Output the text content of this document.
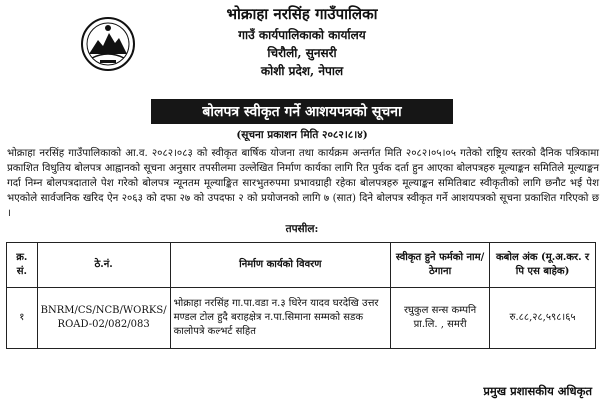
भोक्राहा नरसिंह गाउँपालिका
गाउँ कार्यपालिकाको कार्यालय
चिरौली, सुनसरी
कोशी प्रदेश, नेपाल
बोलपत्र स्वीकृत गर्ने आशयपत्रको सूचना
(सूचना प्रकाशन मिति २०८२।८।४)
भोक्राहा नरसिंह गाउँपालिकाको आ.व. २०८२।०८३ को स्वीकृत बार्षिक योजना तथा कार्यक्रम अन्तर्गत मिति २०८२।०५।०५ गतेको राष्ट्रिय स्तरको दैनिक पत्रिकामा प्रकाशित विधुतिय बोलपत्र आह्वानको सूचना अनुसार तपसीलमा उल्लेखित निर्माण कार्यका लागि रित पुर्वक दर्ता हुन आएका बोलपत्रहरु मूल्याङ्कन समितिले मूल्याङ्कन गर्दा निम्न बोलपत्रदाताले पेश गरेको बोलपत्र न्यूनतम मूल्याङ्कित सारभुतरुपमा प्रभावग्राही रहेका बोलपत्रहरु मूल्याङ्कन समितिबाट स्वीकृतीको लागि छनौट भई पेश भएकोले सार्वजनिक खरिद ऐन २०६३ को दफा २७ को उपदफा २ को प्रयोजनको लागि ७ (सात) दिने बोलपत्र स्वीकृत गर्ने आशयपत्रको सूचना प्रकाशित गरिएको छ ।
तपसील:
क्र. सं.	ठे.नं.	निर्माण कार्यको विवरण	स्वीकृत हुने फर्मको नाम/ठेगाना	कबोल अंक (मू.अ.कर. र पि एस बाहेक)
१	BNRM/CS/NCB/WORKS/ ROAD-02/082/083	भोक्राहा नरसिंह गा.पा.वडा न.३ धिरेन यादव घरदेखि उत्तर मण्डल टोल हुदै बराहक्षेत्र न.पा.सिमाना सम्मको सडक कालोपत्रे कल्भर्ट सहित	रघुकुल सन्स कम्पनि प्रा.लि. , समरी	रु.८८,२८,५९८।६५
प्रमुख प्रशासकीय अधिकृत
